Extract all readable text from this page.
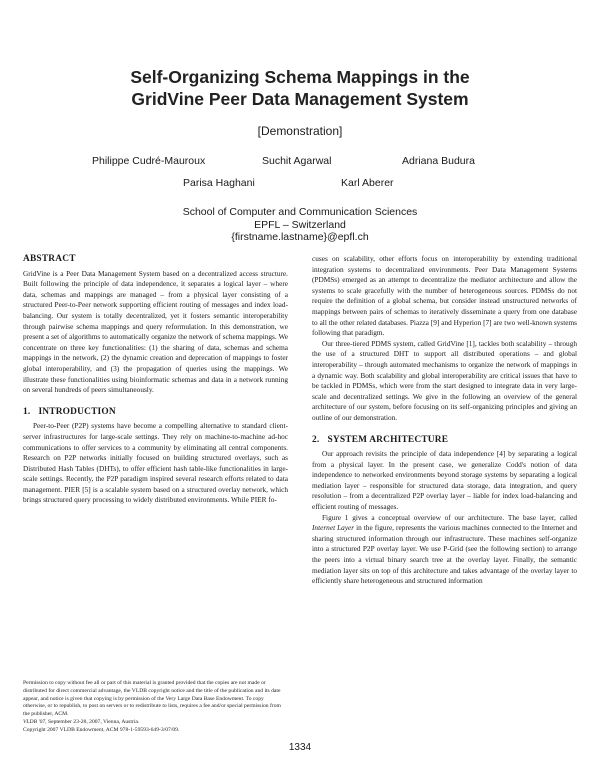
Self-Organizing Schema Mappings in the
GridVine Peer Data Management System
[Demonstration]
Philippe Cudré-Mauroux	Suchit Agarwal	Adriana Budura
Parisa Haghani	Karl Aberer
School of Computer and Communication Sciences
EPFL – Switzerland
{firstname.lastname}@epfl.ch
ABSTRACT

GridVine is a Peer Data Management System based on a decentralized access structure. Built following the principle of data independence, it separates a logical layer – where data, schemas and mappings are managed – from a physical layer consisting of a structured Peer-to-Peer network supporting efficient routing of messages and index load-balancing. Our system is totally decentralized, yet it fosters semantic interoperability through pairwise schema mappings and query reformulation. In this demonstration, we present a set of algorithms to automatically organize the network of schema mappings. We concentrate on three key functionalities: (1) the sharing of data, schemas and schema mappings in the network, (2) the dynamic creation and deprecation of mappings to foster global interoperability, and (3) the propagation of queries using the mappings. We illustrate these functionalities using bioinformatic schemas and data in a network running on several hundreds of peers simultaneously.

1. INTRODUCTION

Peer-to-Peer (P2P) systems have become a compelling alternative to standard client-server infrastructures for large-scale settings. They rely on machine-to-machine ad-hoc communications to offer services to a community by eliminating all central components. Research on P2P networks initially focused on building structured overlays, such as Distributed Hash Tables (DHTs), to offer efficient hash table-like functionalities in large-scale settings. Recently, the P2P paradigm inspired several research efforts related to data management. PIER [5] is a scalable system based on a structured overlay network, which brings structured query processing to widely distributed environments. While PIER fo-

cuses on scalability, other efforts focus on interoperability by extending traditional integration systems to decentralized environments. Peer Data Management Systems (PDMSs) emerged as an attempt to decentralize the mediator architecture and allow the systems to scale gracefully with the number of heterogeneous sources. PDMSs do not require the definition of a global schema, but consider instead unstructured networks of mappings between pairs of schemas to iteratively disseminate a query from one database to all the other related databases. Piazza [9] and Hyperion [7] are two well-known systems following that paradigm.

Our three-tiered PDMS system, called GridVine [1], tackles both scalability – through the use of a structured DHT to support all distributed operations – and global interoperability – through automated mechanisms to organize the network of mappings in a dynamic way. Both scalability and global interoperability are critical issues that have to be tackled in PDMSs, which were from the start designed to integrate data in very large-scale and decentralized settings. We give in the following an overview of the general architecture of our system, before focusing on its self-organizing principles and giving an outline of our demonstration.

2. SYSTEM ARCHITECTURE

Our approach revisits the principle of data independence [4] by separating a logical from a physical layer. In the present case, we generalize Codd's notion of data independence to networked environments beyond storage systems by separating a logical mediation layer – responsible for structured data storage, data integration, and query resolution – from a decentralized P2P overlay layer – liable for index load-balancing and efficient routing of messages.

Figure 1 gives a conceptual overview of our architecture. The base layer, called Internet Layer in the figure, represents the various machines connected to the Internet and sharing structured information through our infrastructure. These machines self-organize into a structured P2P overlay layer. We use P-Grid (see the following section) to arrange the peers into a virtual binary search tree at the overlay layer. Finally, the semantic mediation layer sits on top of this architecture and takes advantage of the overlay layer to efficiently share heterogeneous and structured information

Permission to copy without fee all or part of this material is granted provided that the copies are not made or distributed for direct commercial advantage, the VLDB copyright notice and the title of the publication and its date appear, and notice is given that copying is by permission of the Very Large Data Base Endowment. To copy otherwise, or to republish, to post on servers or to redistribute to lists, requires a fee and/or special permission from the publisher, ACM.
VLDB '07, September 23-28, 2007, Vienna, Austria.
Copyright 2007 VLDB Endowment, ACM 978-1-59593-649-3/07/09.
1334
